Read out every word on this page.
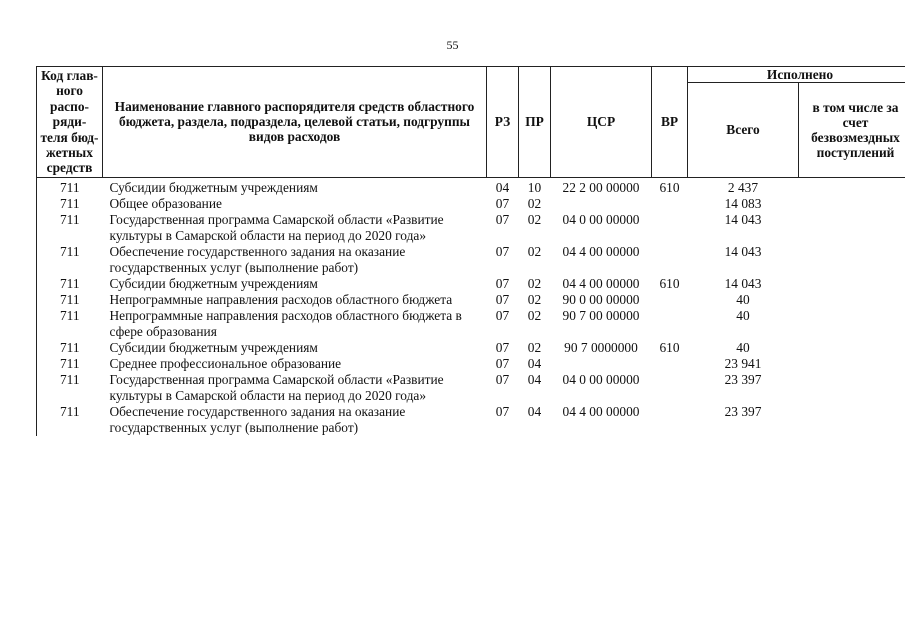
55
Код глав-ного распо-ряди-теля бюд-жетных средств	Наименование главного распорядителя средств областного бюджета, раздела, подраздела, целевой статьи, подгруппы видов расходов	РЗ	ПР	ЦСР	ВР	Исполнено	
						Всего	в том числе за счет безвозмездных поступлений
711	Субсидии бюджетным учреждениям	04	10	22 2 00 00000	610	2 437	
711	Общее образование	07	02			14 083	
711	Государственная программа Самарской области «Развитие культуры в Самарской области на период до 2020 года»	07	02	04 0 00 00000		14 043	
711	Обеспечение государственного задания на оказание государственных услуг (выполнение работ)	07	02	04 4 00 00000		14 043	
711	Субсидии бюджетным учреждениям	07	02	04 4 00 00000	610	14 043	
711	Непрограммные направления расходов областного бюджета	07	02	90 0 00 00000		40	
711	Непрограммные направления расходов областного бюджета в сфере образования	07	02	90 7 00 00000		40	
711	Субсидии бюджетным учреждениям	07	02	90 7 0000000	610	40	
711	Среднее профессиональное образование	07	04			23 941	
711	Государственная программа Самарской области «Развитие культуры в Самарской области на период до 2020 года»	07	04	04 0 00 00000		23 397	
711	Обеспечение государственного задания на оказание государственных услуг (выполнение работ)	07	04	04 4 00 00000		23 397	
